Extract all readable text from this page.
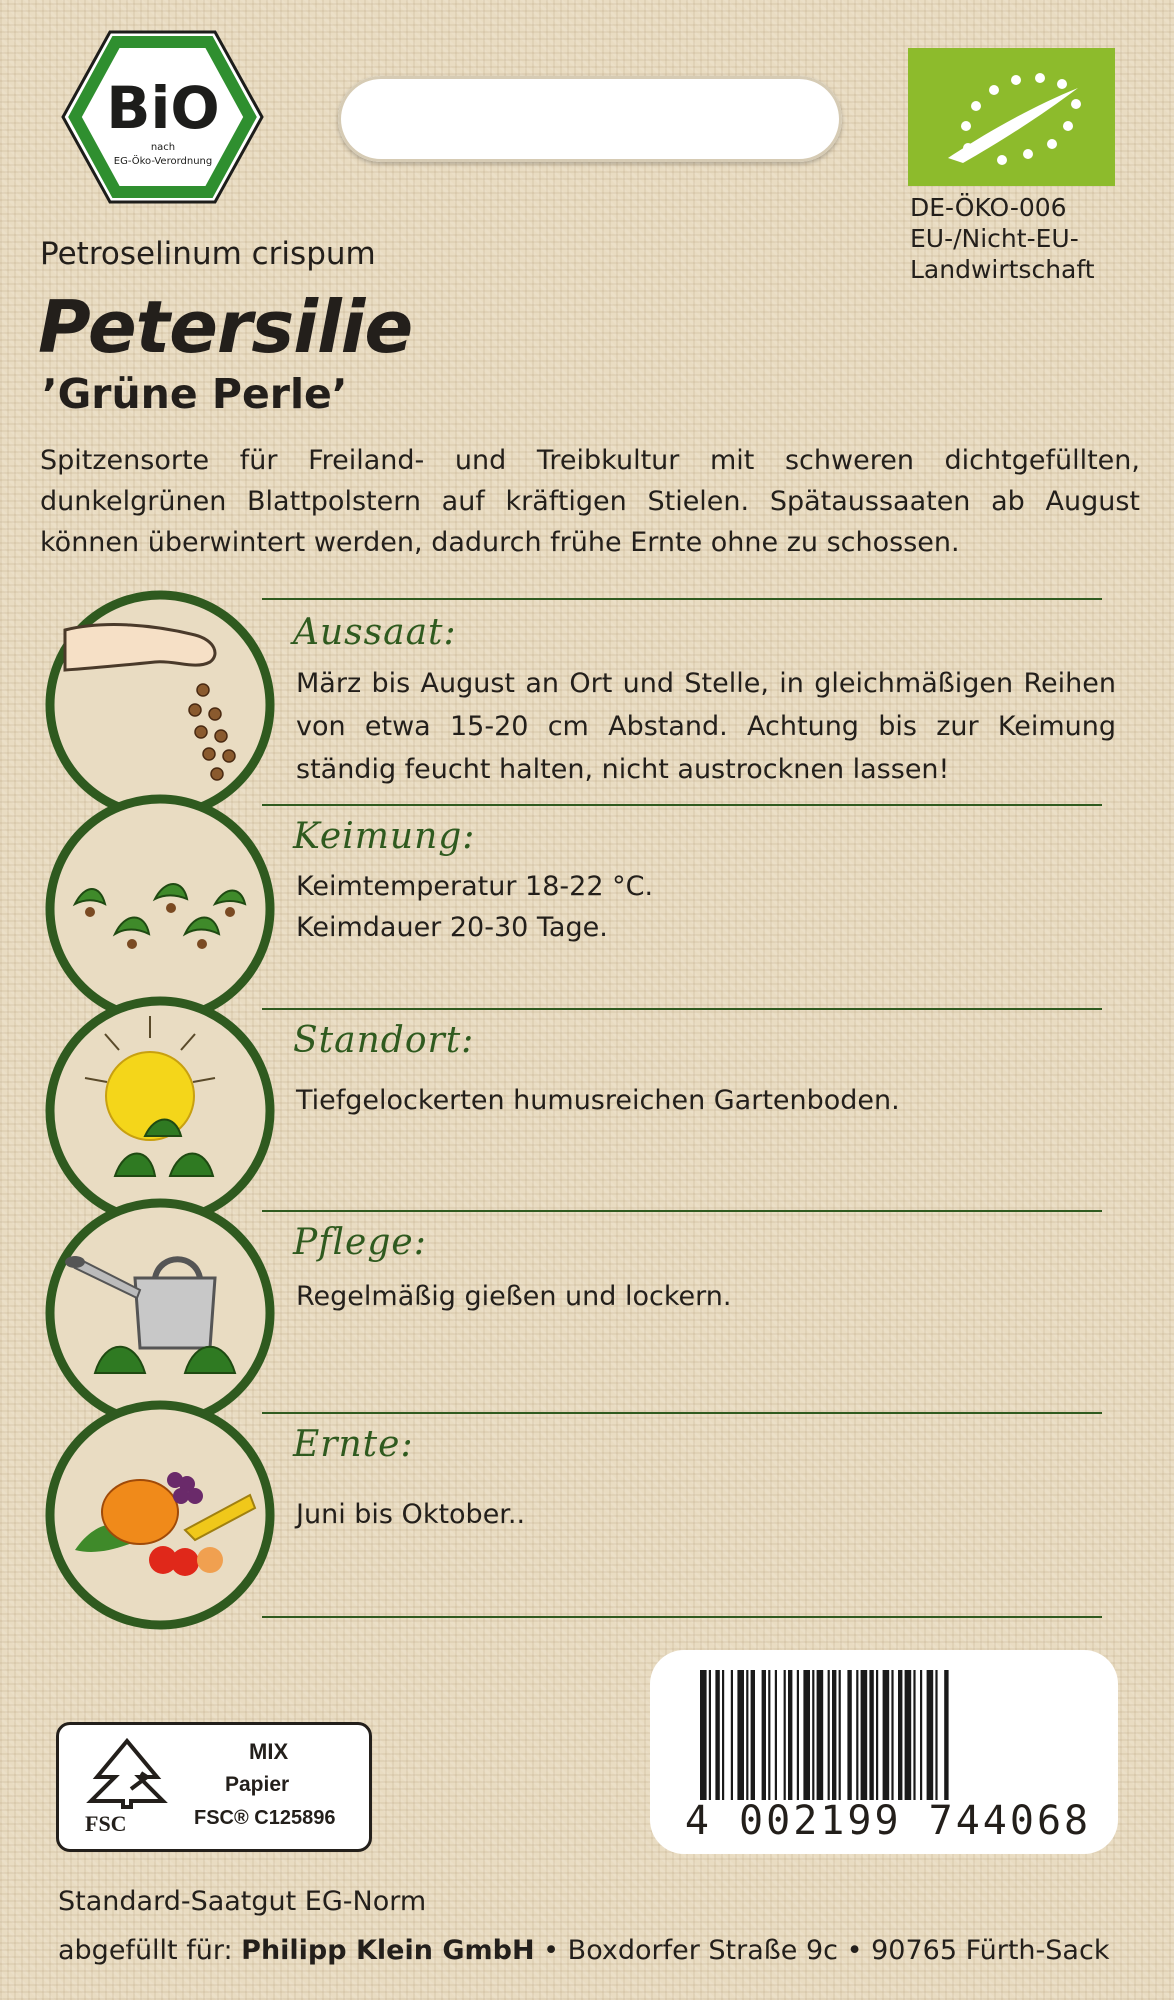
BiO
nach
EG-Öko-Verordnung
DE-ÖKO-006
EU-/Nicht-EU-
Landwirtschaft
Petroselinum crispum
Petersilie
’Grüne Perle’
Spitzensorte für Freiland- und Treibkultur mit schweren dichtgefüllten, dunkelgrünen Blattpolstern auf kräftigen Stielen. Spätaussaaten ab August können überwintert werden, dadurch frühe Ernte ohne zu schossen.
Aussaat:
März bis August an Ort und Stelle, in gleichmäßigen Reihen von etwa 15-20 cm Abstand. Achtung bis zur Keimung ständig feucht halten, nicht austrocknen lassen!
Keimung:
Keimtemperatur 18-22 °C.
Keimdauer 20-30 Tage.
Standort:
Tiefgelockerten humusreichen Gartenboden.
Pflege:
Regelmäßig gießen und lockern.
Ernte:
Juni bis Oktober..
FSC
MIX
Papier
FSC® C125896	4 002199 744068
Standard-Saatgut EG-Norm
abgefüllt für: Philipp Klein GmbH • Boxdorfer Straße 9c • 90765 Fürth-Sack
